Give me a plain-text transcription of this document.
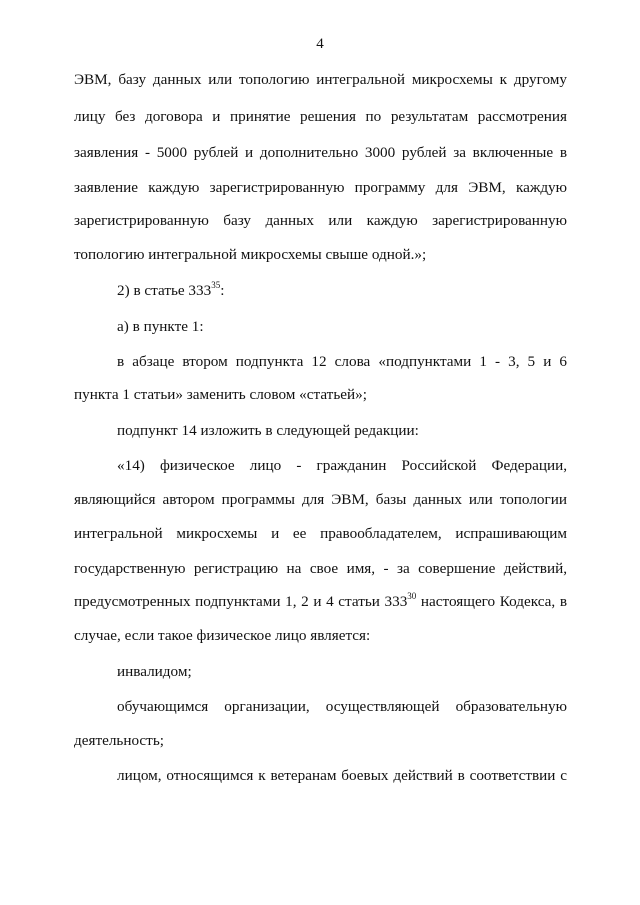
4
ЭВМ, базу данных или топологию интегральной микросхемы к другому
лицу без договора и принятие решения по результатам рассмотрения
заявления - 5000 рублей и дополнительно 3000 рублей за включенные в
заявление каждую зарегистрированную программу для ЭВМ, каждую
зарегистрированную базу данных или каждую зарегистрированную
топологию интегральной микросхемы свыше одной.»;
2) в статье $333^{35}$:
а) в пункте 1:
в абзаце втором подпункта 12 слова «подпунктами 1 - 3, 5 и 6
пункта 1 статьи» заменить словом «статьей»;
подпункт 14 изложить в следующей редакции:
«14) физическое лицо - гражданин Российской Федерации,
являющийся автором программы для ЭВМ, базы данных или топологии
интегральной микросхемы и ее правообладателем, испрашивающим
государственную регистрацию на свое имя, - за совершение действий,
предусмотренных подпунктами 1, 2 и 4 статьи $333^{30}$ настоящего Кодекса, в
случае, если такое физическое лицо является:
инвалидом;
обучающимся организации, осуществляющей образовательную
деятельность;
лицом, относящимся к ветеранам боевых действий в соответствии с
